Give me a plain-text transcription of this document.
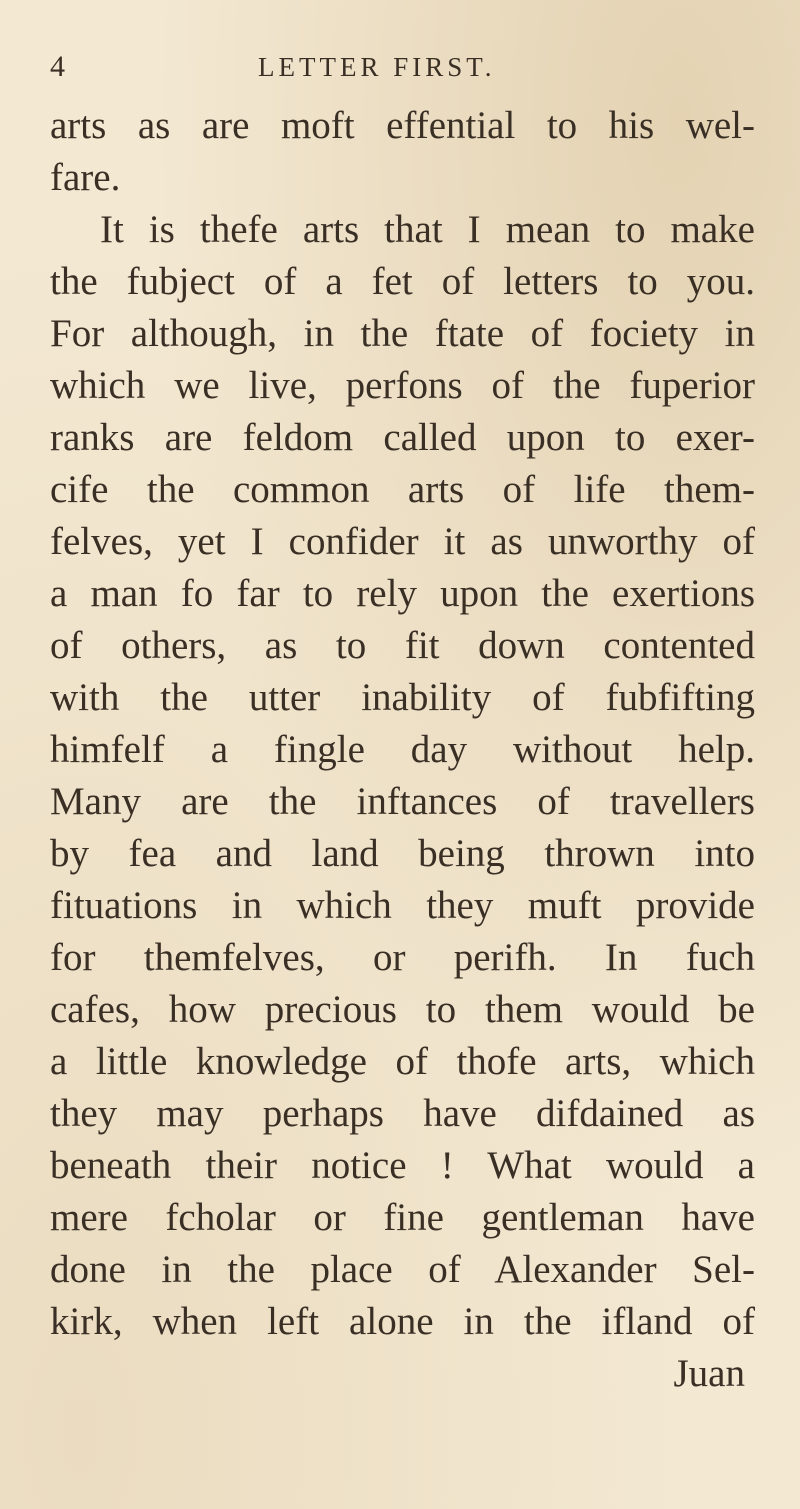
4	LETTER FIRST.
arts as are moft effential to his wel-
fare.
It is thefe arts that I mean to make
the fubject of a fet of letters to you.
For although, in the ftate of fociety in
which we live, perfons of the fuperior
ranks are feldom called upon to exer-
cife the common arts of life them-
felves, yet I confider it as unworthy of
a man fo far to rely upon the exertions
of others, as to fit down contented
with the utter inability of fubfifting
himfelf a fingle day without help.
Many are the inftances of travellers
by fea and land being thrown into
fituations in which they muft provide
for themfelves, or perifh. In fuch
cafes, how precious to them would be
a little knowledge of thofe arts, which
they may perhaps have difdained as
beneath their notice ! What would a
mere fcholar or fine gentleman have
done in the place of Alexander Sel-
kirk, when left alone in the ifland of
Juan
